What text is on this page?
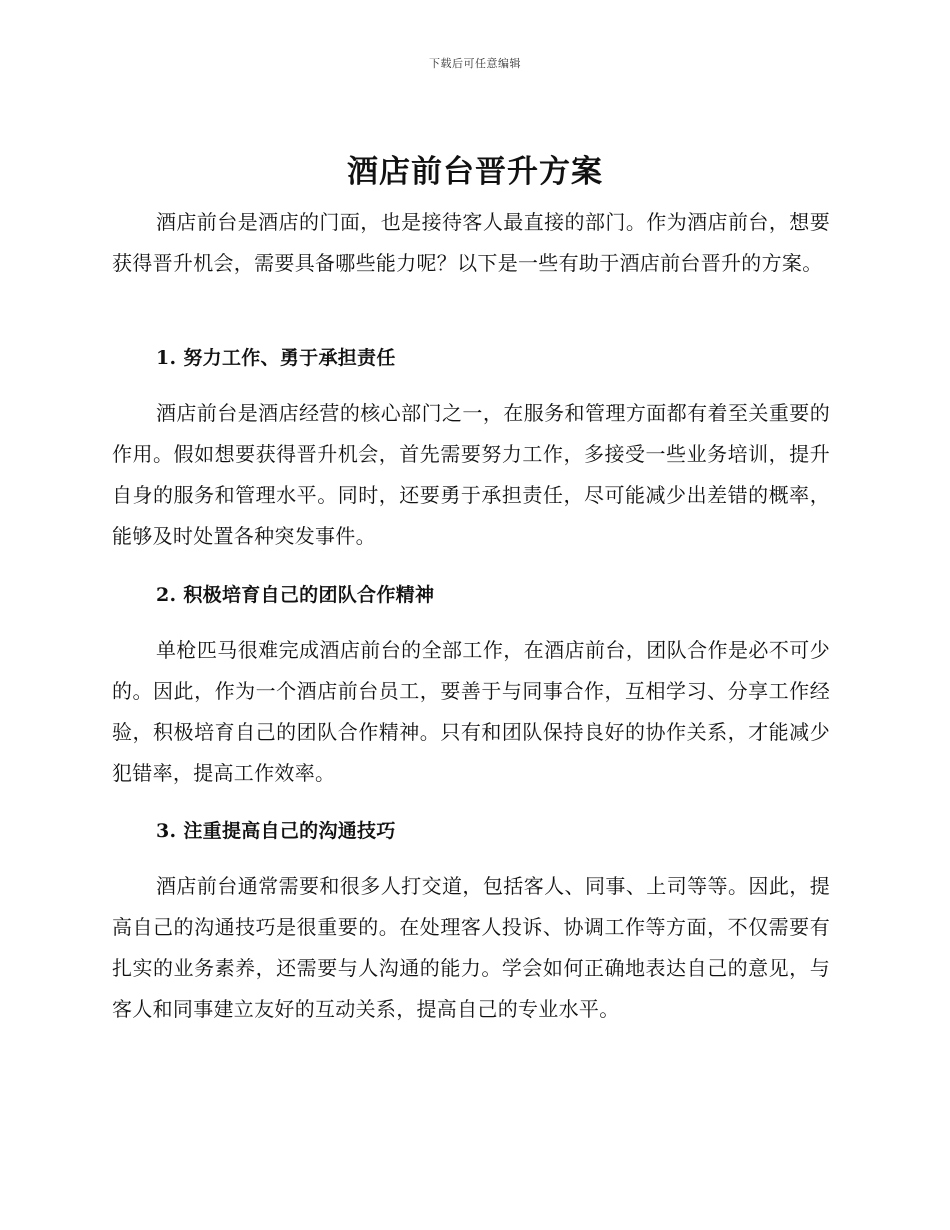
下载后可任意编辑
酒店前台晋升方案

酒店前台是酒店的门面，也是接待客人最直接的部门。作为酒店前台，想要获得晋升机会，需要具备哪些能力呢？以下是一些有助于酒店前台晋升的方案。

1. 努力工作、勇于承担责任

酒店前台是酒店经营的核心部门之一，在服务和管理方面都有着至关重要的作用。假如想要获得晋升机会，首先需要努力工作，多接受一些业务培训，提升自身的服务和管理水平。同时，还要勇于承担责任，尽可能减少出差错的概率，能够及时处置各种突发事件。

2. 积极培育自己的团队合作精神

单枪匹马很难完成酒店前台的全部工作，在酒店前台，团队合作是必不可少的。因此，作为一个酒店前台员工，要善于与同事合作，互相学习、分享工作经验，积极培育自己的团队合作精神。只有和团队保持良好的协作关系，才能减少犯错率，提高工作效率。

3. 注重提高自己的沟通技巧

酒店前台通常需要和很多人打交道，包括客人、同事、上司等等。因此，提高自己的沟通技巧是很重要的。在处理客人投诉、协调工作等方面，不仅需要有扎实的业务素养，还需要与人沟通的能力。学会如何正确地表达自己的意见，与客人和同事建立友好的互动关系，提高自己的专业水平。
